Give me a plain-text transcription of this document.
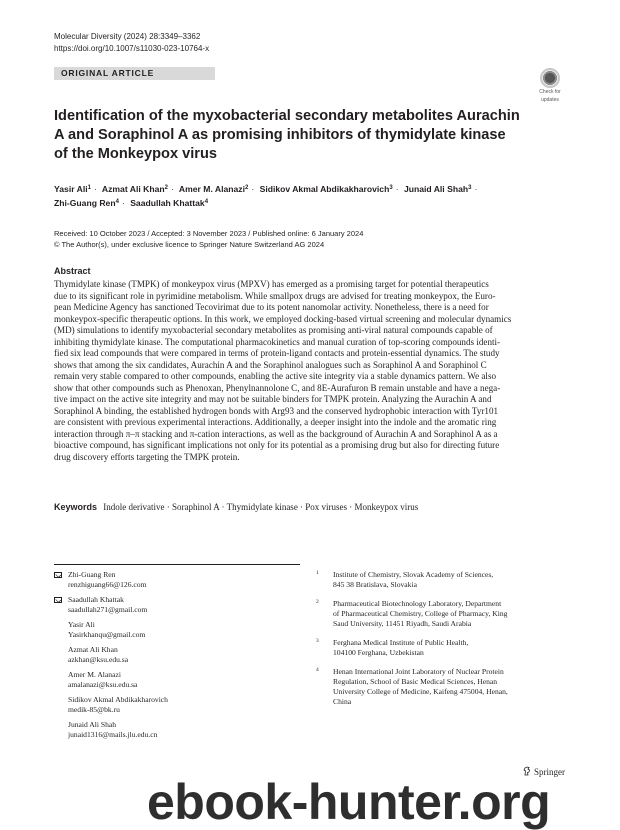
Molecular Diversity (2024) 28:3349–3362
https://doi.org/10.1007/s11030-023-10764-x
ORIGINAL ARTICLE
Check for
updates
Identification of the myxobacterial secondary metabolites Aurachin
A and Soraphinol A as promising inhibitors of thymidylate kinase
of the Monkeypox virus
Yasir Ali$^1$ · Azmat Ali Khan$^2$ · Amer M. Alanazi$^2$ · Sidikov Akmal Abdikakharovich$^3$ · Junaid Ali Shah$^3$ ·
Zhi-Guang Ren$^4$ · Saadullah Khattak$^4$
Received: 10 October 2023 / Accepted: 3 November 2023 / Published online: 6 January 2024
© The Author(s), under exclusive licence to Springer Nature Switzerland AG 2024
Abstract
Thymidylate kinase (TMPK) of monkeypox virus (MPXV) has emerged as a promising target for potential therapeutics
due to its significant role in pyrimidine metabolism. While smallpox drugs are advised for treating monkeypox, the Euro-
pean Medicine Agency has sanctioned Tecovirimat due to its potent nanomolar activity. Nonetheless, there is a need for
monkeypox-specific therapeutic options. In this work, we employed docking-based virtual screening and molecular dynamics
(MD) simulations to identify myxobacterial secondary metabolites as promising anti-viral natural compounds capable of
inhibiting thymidylate kinase. The computational pharmacokinetics and manual curation of top-scoring compounds identi-
fied six lead compounds that were compared in terms of protein-ligand contacts and protein-essential dynamics. The study
shows that among the six candidates, Aurachin A and the Soraphinol analogues such as Soraphinol A and Soraphinol C
remain very stable compared to other compounds, enabling the active site integrity via a stable dynamics pattern. We also
show that other compounds such as Phenoxan, Phenylnannolone C, and 8E-Aurafuron B remain unstable and have a nega-
tive impact on the active site integrity and may not be suitable binders for TMPK protein. Analyzing the Aurachin A and
Soraphinol A binding, the established hydrogen bonds with Arg93 and the conserved hydrophobic interaction with Tyr101
are consistent with previous experimental interactions. Additionally, a deeper insight into the indole and the aromatic ring
interaction through π–π stacking and π-cation interactions, as well as the background of Aurachin A and Soraphinol A as a
bioactive compound, has significant implications not only for its potential as a promising drug but also for directing future
drug discovery efforts targeting the TMPK protein.
Keywords Indole derivative · Soraphinol A · Thymidylate kinase · Pox viruses · Monkeypox virus
Zhi-Guang Ren
renzhiguang66@126.com
Saadullah Khattak
saadullah271@gmail.com
Yasir Ali
Yasirkhanqu@gmail.com
Azmat Ali Khan
azkhan@ksu.edu.sa
Amer M. Alanazi
amalanazi@ksu.edu.sa
Sidikov Akmal Abdikakharovich
medik-85@bk.ru
Junaid Ali Shah
junaid1316@mails.jlu.edu.cn
1 Institute of Chemistry, Slovak Academy of Sciences,
845 38 Bratislava, Slovakia
2 Pharmaceutical Biotechnology Laboratory, Department
of Pharmaceutical Chemistry, College of Pharmacy, King
Saud University, 11451 Riyadh, Saudi Arabia
3 Ferghana Medical Institute of Public Health,
104100 Ferghana, Uzbekistan
4 Henan International Joint Laboratory of Nuclear Protein
Regulation, School of Basic Medical Sciences, Henan
University College of Medicine, Kaifeng 475004, Henan,
China
Springer
ebook-hunter.org
